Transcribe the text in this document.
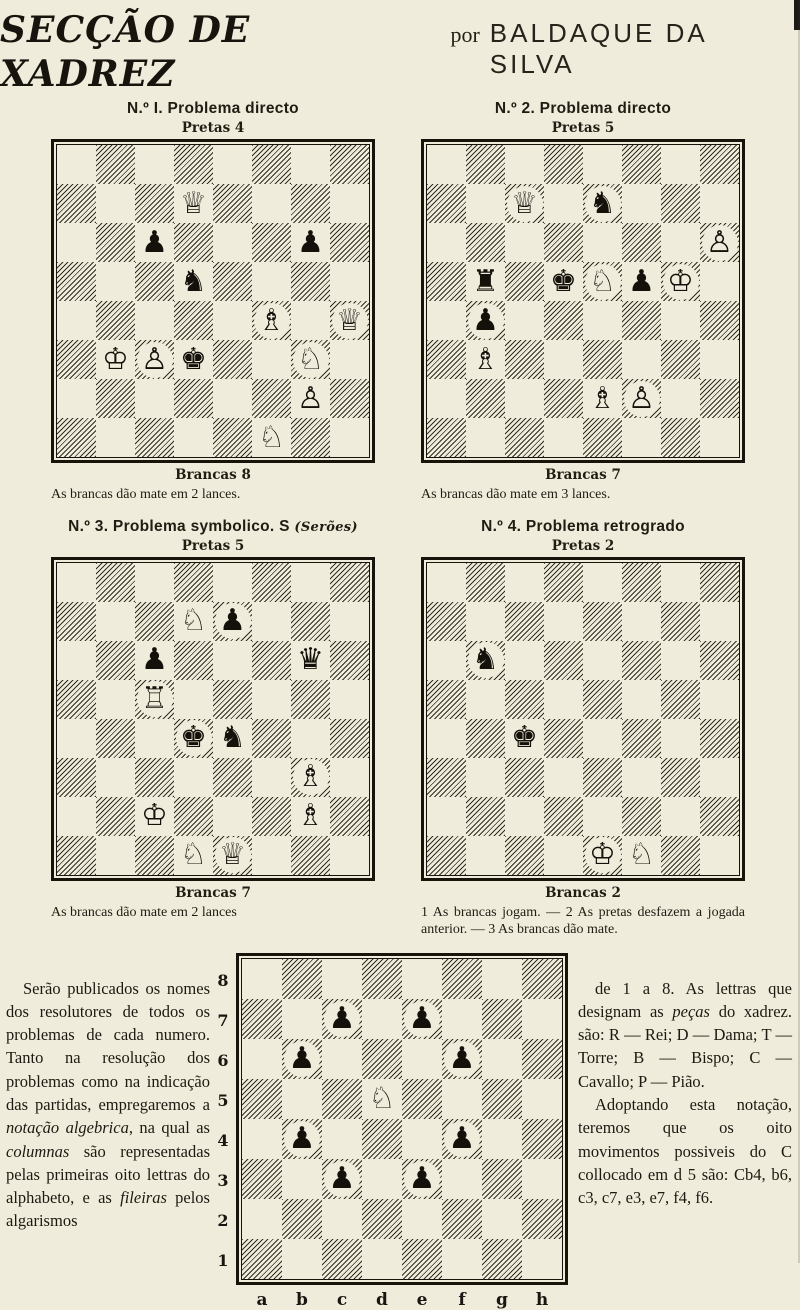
SECÇÃO DE XADREZ
por BALDAQUE DA SILVA
N.º I. Problema directo
Pretas 4
♕
♟	♟
♞
♗ ♕
♔ ♙ ♚	♘
♙
♘
Brancas 8
As brancas dão mate em 2 lances.
N.º 2. Problema directo
Pretas 5
♕ ♞
♙
♜ ♚ ♘ ♟ ♔
♟
♗
♗ ♙
Brancas 7
As brancas dão mate em 3 lances.
N.º 3. Problema symbolico. S (Serões)
Pretas 5
♘ ♟
♟	♛
♖
♚ ♞
♗
♔	♗
♘ ♕
Brancas 7
As brancas dão mate em 2 lances
N.º 4. Problema retrogrado
Pretas 2
♞
♚
♔ ♘
Brancas 2
1 As brancas jogam. — 2 As pretas desfazem a jogada anterior. — 3 As brancas dão mate.

Serão publicados os nomes dos resolutores de todos os problemas de cada numero. Tanto na resolução dos problemas como na indicação das partidas, empregaremos a notação algebrica, na qual as columnas são representadas pelas primeiras oito lettras do alphabeto, e as fileiras pelos algarismos

8
7
6
5
4
3
2
1
♟ ♟
♟	♟
♘
♟	♟
♟ ♟
a	b	c	d	e	f	g	h

de 1 a 8. As lettras que designam as peças do xadrez. são: R — Rei; D — Dama; T — Torre; B — Bispo; C — Cavallo; P — Pião.

Adoptando esta notação, teremos que os oito movimentos possiveis do C collocado em d 5 são: Cb4, b6, c3, c7, e3, e7, f4, f6.
